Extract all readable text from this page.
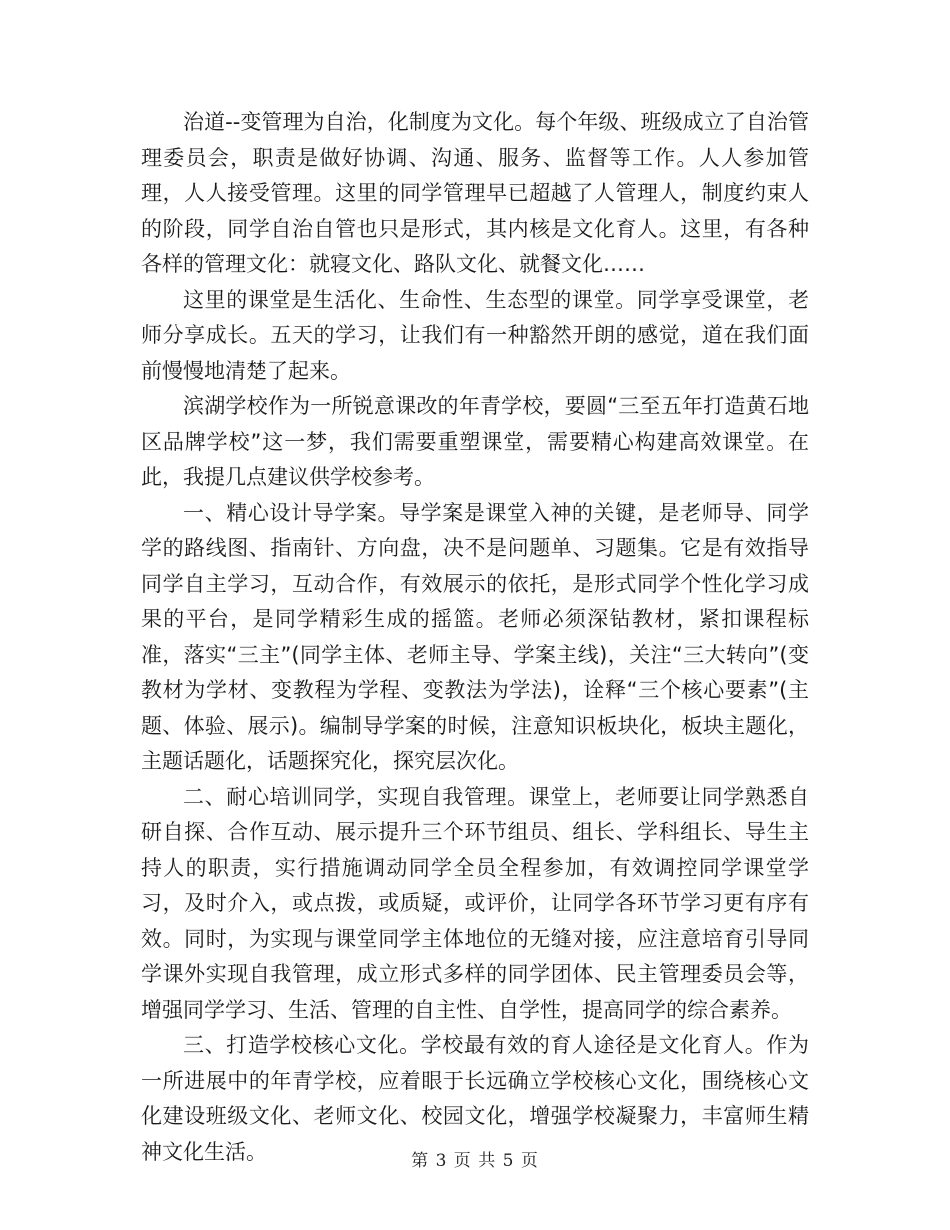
治道--变管理为自治，化制度为文化。每个年级、班级成立了自治管理委员会，职责是做好协调、沟通、服务、监督等工作。人人参加管理，人人接受管理。这里的同学管理早已超越了人管理人，制度约束人的阶段，同学自治自管也只是形式，其内核是文化育人。这里，有各种各样的管理文化：就寝文化、路队文化、就餐文化……

这里的课堂是生活化、生命性、生态型的课堂。同学享受课堂，老师分享成长。五天的学习，让我们有一种豁然开朗的感觉，道在我们面前慢慢地清楚了起来。

滨湖学校作为一所锐意课改的年青学校，要圆“三至五年打造黄石地区品牌学校”这一梦，我们需要重塑课堂，需要精心构建高效课堂。在此，我提几点建议供学校参考。

一、精心设计导学案。导学案是课堂入神的关键，是老师导、同学学的路线图、指南针、方向盘，决不是问题单、习题集。它是有效指导同学自主学习，互动合作，有效展示的依托，是形式同学个性化学习成果的平台，是同学精彩生成的摇篮。老师必须深钻教材，紧扣课程标准，落实“三主”(同学主体、老师主导、学案主线)，关注“三大转向”(变教材为学材、变教程为学程、变教法为学法)，诠释“三个核心要素”(主题、体验、展示)。编制导学案的时候，注意知识板块化，板块主题化，主题话题化，话题探究化，探究层次化。

二、耐心培训同学，实现自我管理。课堂上，老师要让同学熟悉自研自探、合作互动、展示提升三个环节组员、组长、学科组长、导生主持人的职责，实行措施调动同学全员全程参加，有效调控同学课堂学习，及时介入，或点拨，或质疑，或评价，让同学各环节学习更有序有效。同时，为实现与课堂同学主体地位的无缝对接，应注意培育引导同学课外实现自我管理，成立形式多样的同学团体、民主管理委员会等，增强同学学习、生活、管理的自主性、自学性，提高同学的综合素养。

三、打造学校核心文化。学校最有效的育人途径是文化育人。作为一所进展中的年青学校，应着眼于长远确立学校核心文化，围绕核心文化建设班级文化、老师文化、校园文化，增强学校凝聚力，丰富师生精神文化生活。	第 3 页 共 5 页
